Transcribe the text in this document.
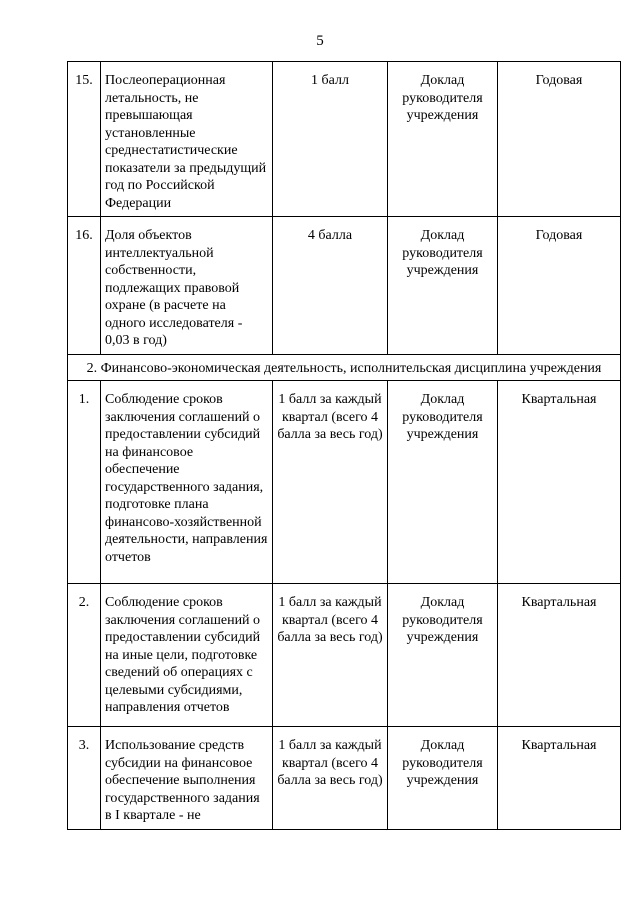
5
15.	Послеоперационная летальность, не превышающая установленные среднестатистические показатели за предыдущий год по Российской Федерации	1 балл	Доклад руководителя учреждения	Годовая
16.	Доля объектов интеллектуальной собственности, подлежащих правовой охране (в расчете на одного исследователя - 0,03 в год)	4 балла	Доклад руководителя учреждения	Годовая
2. Финансово-экономическая деятельность, исполнительская дисциплина учреждения				
1.	Соблюдение сроков заключения соглашений о предоставлении субсидий на финансовое обеспечение государственного задания, подготовке плана финансово-хозяйственной деятельности, направления отчетов	1 балл за каждый квартал (всего 4 балла за весь год)	Доклад руководителя учреждения	Квартальная
2.	Соблюдение сроков заключения соглашений о предоставлении субсидий на иные цели, подготовке сведений об операциях с целевыми субсидиями, направления отчетов	1 балл за каждый квартал (всего 4 балла за весь год)	Доклад руководителя учреждения	Квартальная
3.	Использование средств субсидии на финансовое обеспечение выполнения государственного задания в I квартале - не	1 балл за каждый квартал (всего 4 балла за весь год)	Доклад руководителя учреждения	Квартальная
